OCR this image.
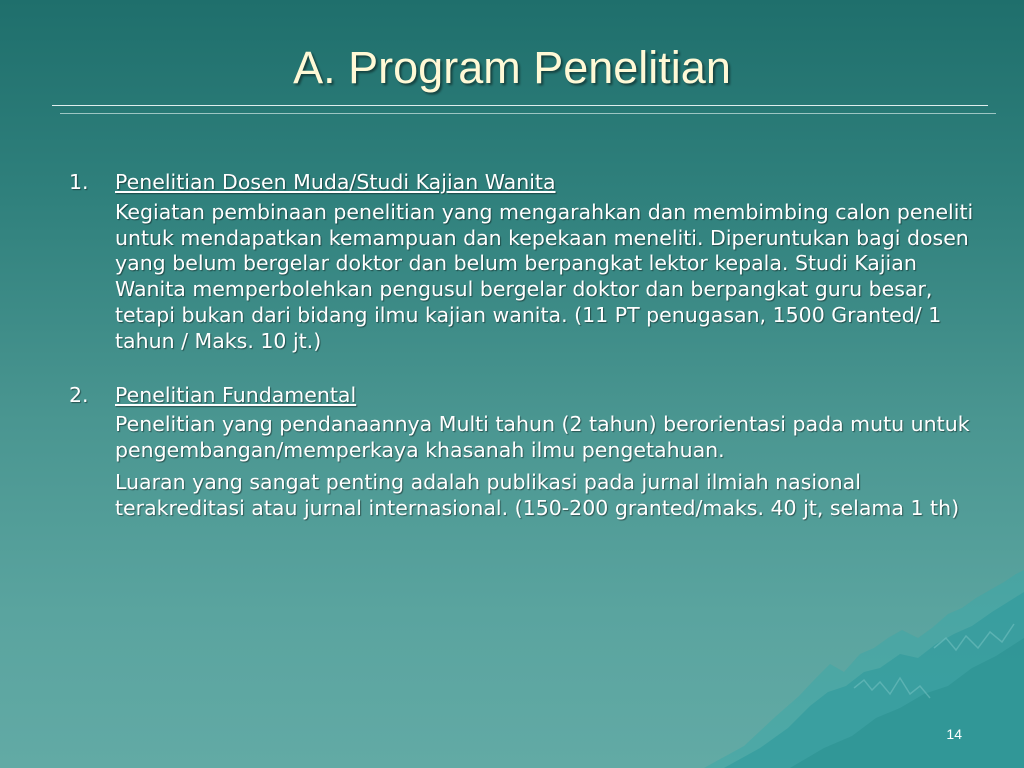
A. Program Penelitian

1. Penelitian Dosen Muda/Studi Kajian Wanita

Kegiatan pembinaan penelitian yang mengarahkan dan membimbing calon peneliti untuk mendapatkan kemampuan dan kepekaan meneliti. Diperuntukan bagi dosen yang belum bergelar doktor dan belum berpangkat lektor kepala. Studi Kajian Wanita memperbolehkan pengusul bergelar doktor dan berpangkat guru besar, tetapi bukan dari bidang ilmu kajian wanita. (11 PT penugasan, 1500 Granted/ 1 tahun / Maks. 10 jt.)

2. Penelitian Fundamental

Penelitian yang pendanaannya Multi tahun (2 tahun) berorientasi pada mutu untuk pengembangan/memperkaya khasanah ilmu pengetahuan.

Luaran yang sangat penting adalah publikasi pada jurnal ilmiah nasional terakreditasi atau jurnal internasional. (150-200 granted/maks. 40 jt, selama 1 th)

14
